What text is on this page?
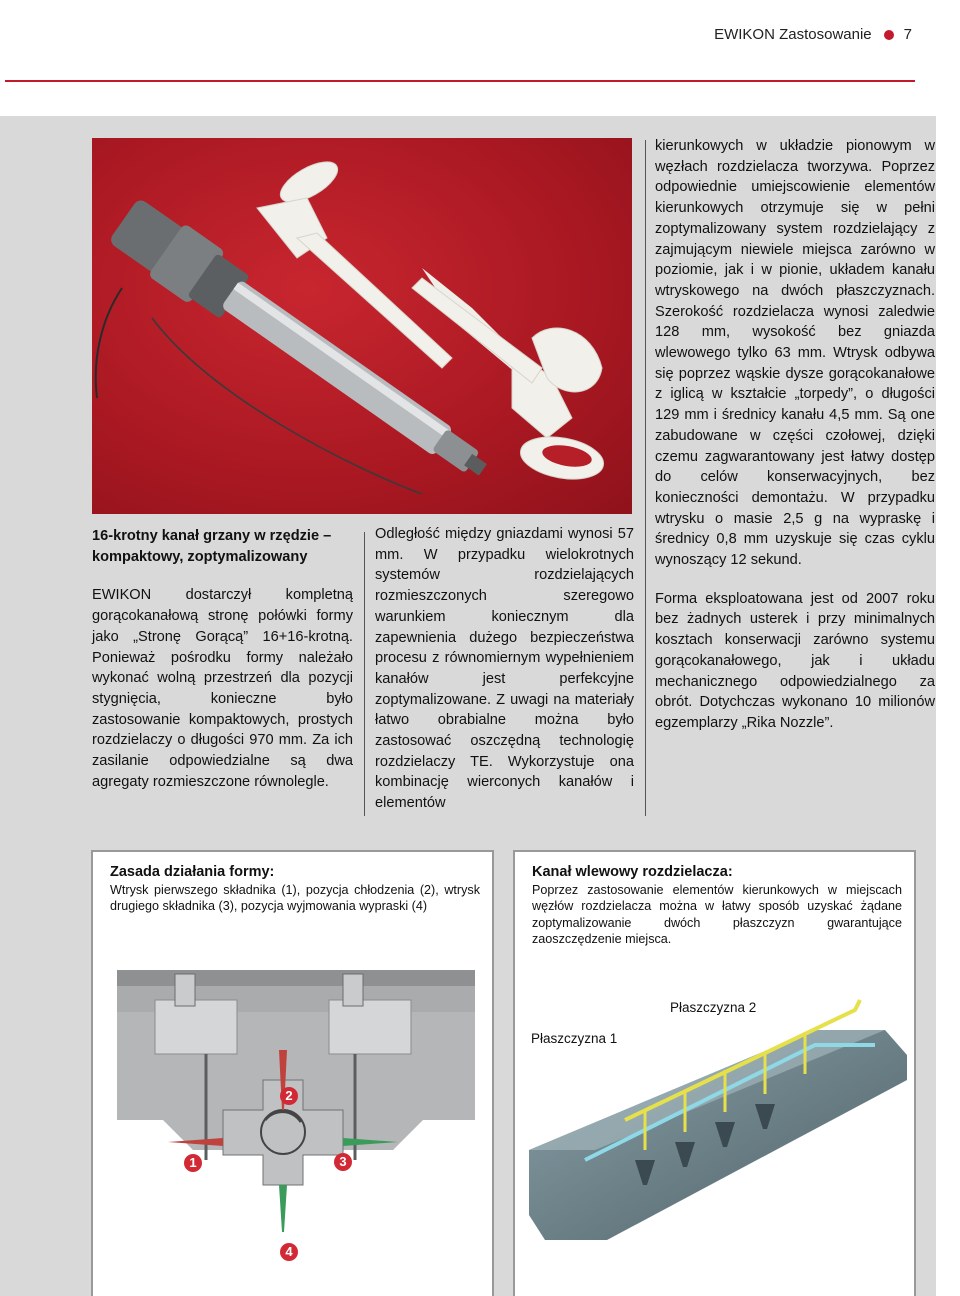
EWIKON Zastosowanie 7

16-krotny kanał grzany w rzędzie – kompaktowy, zoptymalizowany

EWIKON dostarczył kompletną gorącokanałową stronę połówki formy jako „Stronę Gorącą” 16+16-krotną. Ponieważ pośrodku formy należało wykonać wolną przestrzeń dla pozycji stygnięcia, konieczne było zastosowanie kompaktowych, prostych rozdzielaczy o długości 970 mm. Za ich zasilanie odpowiedzialne są dwa agregaty rozmieszczone równolegle.

Odległość między gniazdami wynosi 57 mm. W przypadku wielokrotnych systemów rozdzielających rozmieszczonych szeregowo warunkiem koniecznym dla zapewnienia dużego bezpieczeństwa procesu z równomiernym wypełnieniem kanałów jest perfekcyjne zoptymalizowane. Z uwagi na materiały łatwo obrabialne można było zastosować oszczędną technologię rozdzielaczy TE. Wykorzystuje ona kombinację wierconych kanałów i elementów

kierunkowych w układzie pionowym w węzłach rozdzielacza tworzywa. Poprzez odpowiednie umiejscowienie elementów kierunkowych otrzymuje się w pełni zoptymalizowany system rozdzielający z zajmującym niewiele miejsca zarówno w poziomie, jak i w pionie, układem kanału wtryskowego na dwóch płaszczyznach. Szerokość rozdzielacza wynosi zaledwie 128 mm, wysokość bez gniazda wlewowego tylko 63 mm. Wtrysk odbywa się poprzez wąskie dysze gorącokanałowe z iglicą w kształcie „torpedy”, o długości 129 mm i średnicy kanału 4,5 mm. Są one zabudowane w części czołowej, dzięki czemu zagwarantowany jest łatwy dostęp do celów konserwacyjnych, bez konieczności demontażu. W przypadku wtrysku o masie 2,5 g na wypraskę i średnicy 0,8 mm uzyskuje się czas cyklu wynoszący 12 sekund.

Forma eksploatowana jest od 2007 roku bez żadnych usterek i przy minimalnych kosztach konserwacji zarówno systemu gorącokanałowego, jak i układu mechanicznego odpowiedzialnego za obrót. Dotychczas wykonano 10 milionów egzemplarzy „Rika Nozzle”.

Zasada działania formy:
Wtrysk pierwszego składnika (1), pozycja chłodzenia (2), wtrysk drugiego składnika (3), pozycja wyjmowania wypraski (4)
1
2
3
4
Kanał wlewowy rozdzielacza:
Poprzez zastosowanie elementów kierunkowych w miejscach węzłów rozdzielacza można w łatwy sposób uzyskać żądane zoptymalizowanie dwóch płaszczyzn gwarantujące zaoszczędzenie miejsca.
Płaszczyzna 1
Płaszczyzna 2
